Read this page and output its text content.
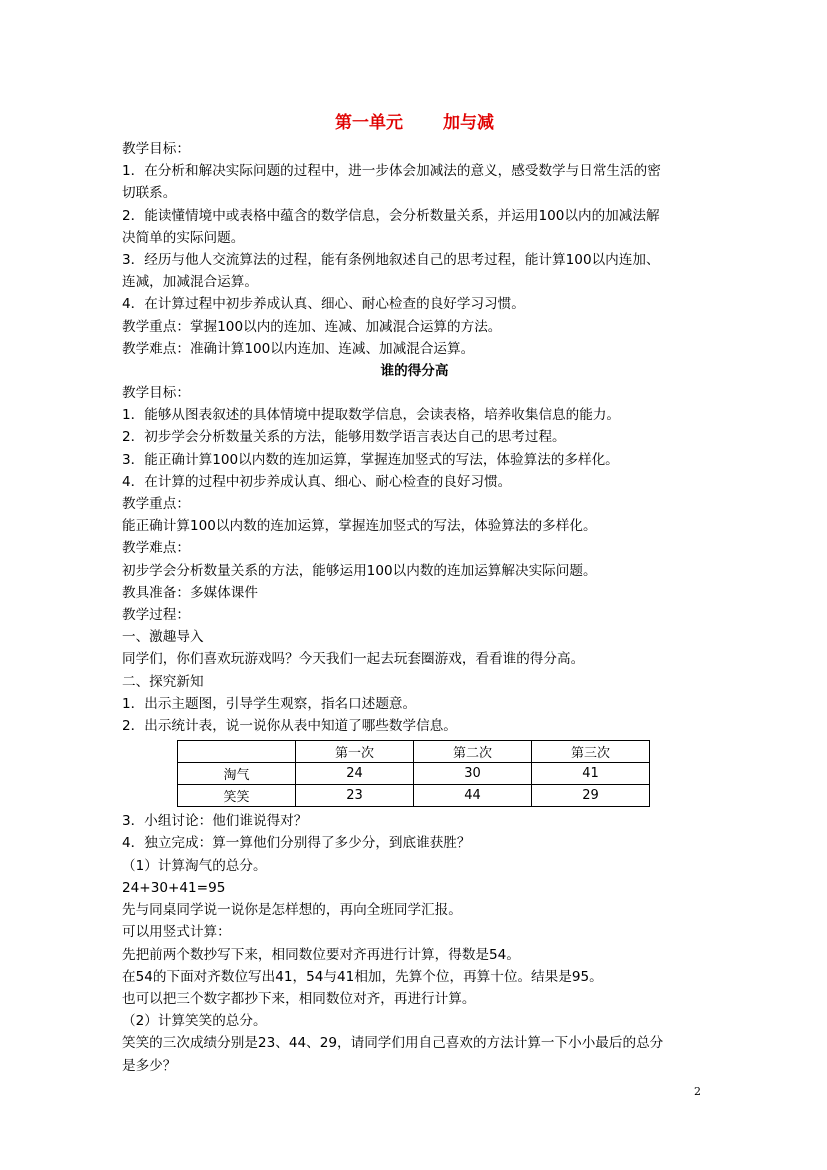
第一单元 加与减
教学目标：
1．在分析和解决实际问题的过程中，进一步体会加减法的意义，感受数学与日常生活的密
切联系。
2．能读懂情境中或表格中蕴含的数学信息，会分析数量关系，并运用100以内的加减法解
决简单的实际问题。
3．经历与他人交流算法的过程，能有条例地叙述自己的思考过程，能计算100以内连加、
连减，加减混合运算。
4．在计算过程中初步养成认真、细心、耐心检查的良好学习习惯。
教学重点：掌握100以内的连加、连减、加减混合运算的方法。
教学难点：准确计算100以内连加、连减、加减混合运算。
谁的得分高
教学目标：
1．能够从图表叙述的具体情境中提取数学信息，会读表格，培养收集信息的能力。
2．初步学会分析数量关系的方法，能够用数学语言表达自己的思考过程。
3．能正确计算100以内数的连加运算，掌握连加竖式的写法，体验算法的多样化。
4．在计算的过程中初步养成认真、细心、耐心检查的良好习惯。
教学重点：
能正确计算100以内数的连加运算，掌握连加竖式的写法，体验算法的多样化。
教学难点：
初步学会分析数量关系的方法，能够运用100以内数的连加运算解决实际问题。
教具准备：多媒体课件
教学过程：
一、激趣导入
同学们，你们喜欢玩游戏吗？今天我们一起去玩套圈游戏，看看谁的得分高。
二、探究新知
1．出示主题图，引导学生观察，指名口述题意。
2．出示统计表，说一说你从表中知道了哪些数学信息。
	第一次	第二次	第三次
淘气	24	30	41
笑笑	23	44	29
3．小组讨论：他们谁说得对？
4．独立完成：算一算他们分别得了多少分，到底谁获胜？
（1）计算淘气的总分。
24+30+41=95
先与同桌同学说一说你是怎样想的，再向全班同学汇报。
可以用竖式计算：
先把前两个数抄写下来，相同数位要对齐再进行计算，得数是54。
在54的下面对齐数位写出41，54与41相加，先算个位，再算十位。结果是95。
也可以把三个数字都抄下来，相同数位对齐，再进行计算。
（2）计算笑笑的总分。
笑笑的三次成绩分别是23、44、29，请同学们用自己喜欢的方法计算一下小小最后的总分
是多少？
2
